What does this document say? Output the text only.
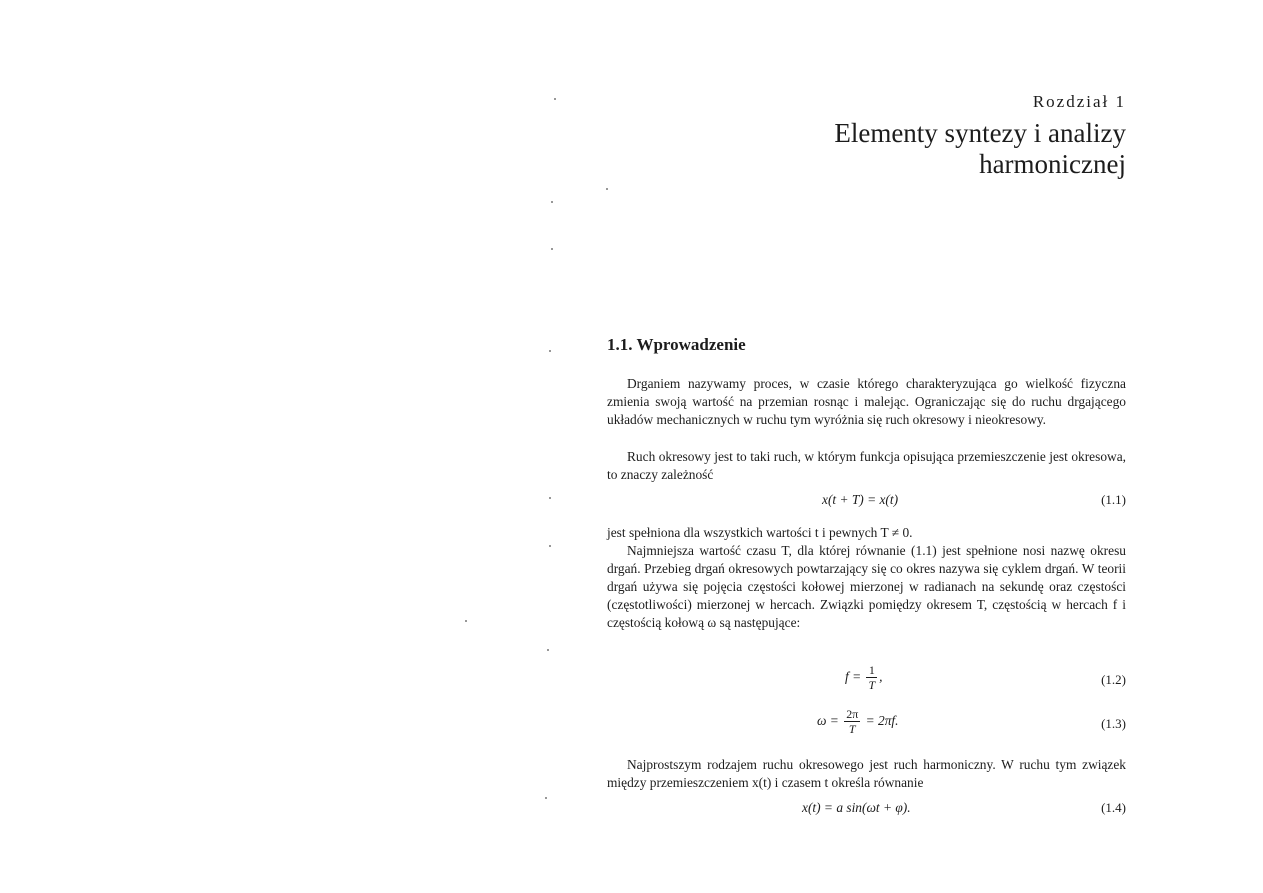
Rozdział 1
Elementy syntezy i analizy
harmonicznej
1.1. Wprowadzenie
Drganiem nazywamy proces, w czasie którego charakteryzująca go wielkość fizyczna zmienia swoją wartość na przemian rosnąc i malejąc. Ograniczając się do ruchu drgającego układów mechanicznych w ruchu tym wyróżnia się ruch okresowy i nieokresowy.
Ruch okresowy jest to taki ruch, w którym funkcja opisująca przemieszczenie jest okresowa, to znaczy zależność
x(t + T) = x(t)	(1.1)
jest spełniona dla wszystkich wartości t i pewnych T ≠ 0.
Najmniejsza wartość czasu T, dla której równanie (1.1) jest spełnione nosi nazwę okresu drgań. Przebieg drgań okresowych powtarzający się co okres nazywa się cyklem drgań. W teorii drgań używa się pojęcia częstości kołowej mierzonej w radianach na sekundę oraz częstości (częstotliwości) mierzonej w hercach. Związki pomiędzy okresem T, częstością w hercach f i częstością kołową ω są następujące:
$f = \frac{1}{T}$ ,	(1.2)
$\omega = \frac{2\pi}{T} = 2\pi f$.	(1.3)
Najprostszym rodzajem ruchu okresowego jest ruch harmoniczny. W ruchu tym związek między przemieszczeniem x(t) i czasem t określa równanie
x(t) = a sin(ωt + φ).	(1.4)
